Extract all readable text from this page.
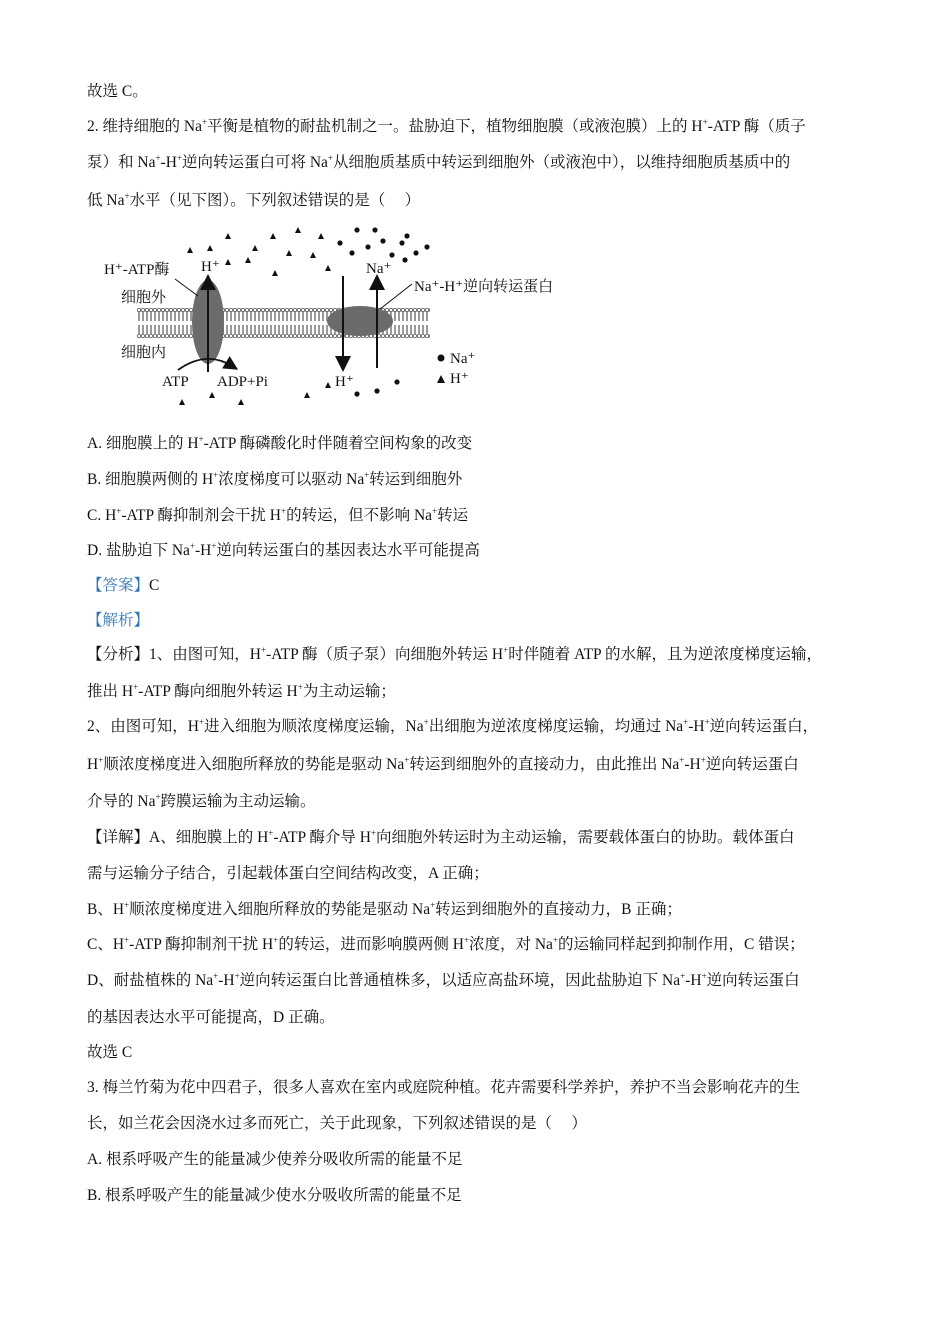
故选 C。
2. 维持细胞的 Na+平衡是植物的耐盐机制之一。盐胁迫下，植物细胞膜（或液泡膜）上的 H+-ATP 酶（质子
泵）和 Na+-H+逆向转运蛋白可将 Na+从细胞质基质中转运到细胞外（或液泡中），以维持细胞质基质中的
低 Na+水平（见下图）。下列叙述错误的是（　 ）
A. 细胞膜上的 H+-ATP 酶磷酸化时伴随着空间构象的改变
B. 细胞膜两侧的 H+浓度梯度可以驱动 Na+转运到细胞外
C. H+-ATP 酶抑制剂会干扰 H+的转运，但不影响 Na+转运
D. 盐胁迫下 Na+-H+逆向转运蛋白的基因表达水平可能提高
【答案】C
【解析】
【分析】1、由图可知，H+-ATP 酶（质子泵）向细胞外转运 H+时伴随着 ATP 的水解，且为逆浓度梯度运输，
推出 H+-ATP 酶向细胞外转运 H+为主动运输；
2、由图可知，H+进入细胞为顺浓度梯度运输，Na+出细胞为逆浓度梯度运输，均通过 Na+-H+逆向转运蛋白，
H+顺浓度梯度进入细胞所释放的势能是驱动 Na+转运到细胞外的直接动力，由此推出 Na+-H+逆向转运蛋白
介导的 Na+跨膜运输为主动运输。
【详解】A、细胞膜上的 H+-ATP 酶介导 H+向细胞外转运时为主动运输，需要载体蛋白的协助。载体蛋白
需与运输分子结合，引起载体蛋白空间结构改变，A 正确；
B、H+顺浓度梯度进入细胞所释放的势能是驱动 Na+转运到细胞外的直接动力，B 正确；
C、H+-ATP 酶抑制剂干扰 H+的转运，进而影响膜两侧 H+浓度，对 Na+的运输同样起到抑制作用，C 错误；
D、耐盐植株的 Na+-H+逆向转运蛋白比普通植株多，以适应高盐环境，因此盐胁迫下 Na+-H+逆向转运蛋白
的基因表达水平可能提高，D 正确。
故选 C
3. 梅兰竹菊为花中四君子，很多人喜欢在室内或庭院种植。花卉需要科学养护，养护不当会影响花卉的生
长，如兰花会因浇水过多而死亡，关于此现象，下列叙述错误的是（　 ）
A. 根系呼吸产生的能量减少使养分吸收所需的能量不足
B. 根系呼吸产生的能量减少使水分吸收所需的能量不足
H⁺-ATP酶 H⁺
细胞外
细胞内
ATP ADP+Pi
Na⁺
Na⁺-H⁺逆向转运蛋白
H⁺
Na⁺
H⁺
